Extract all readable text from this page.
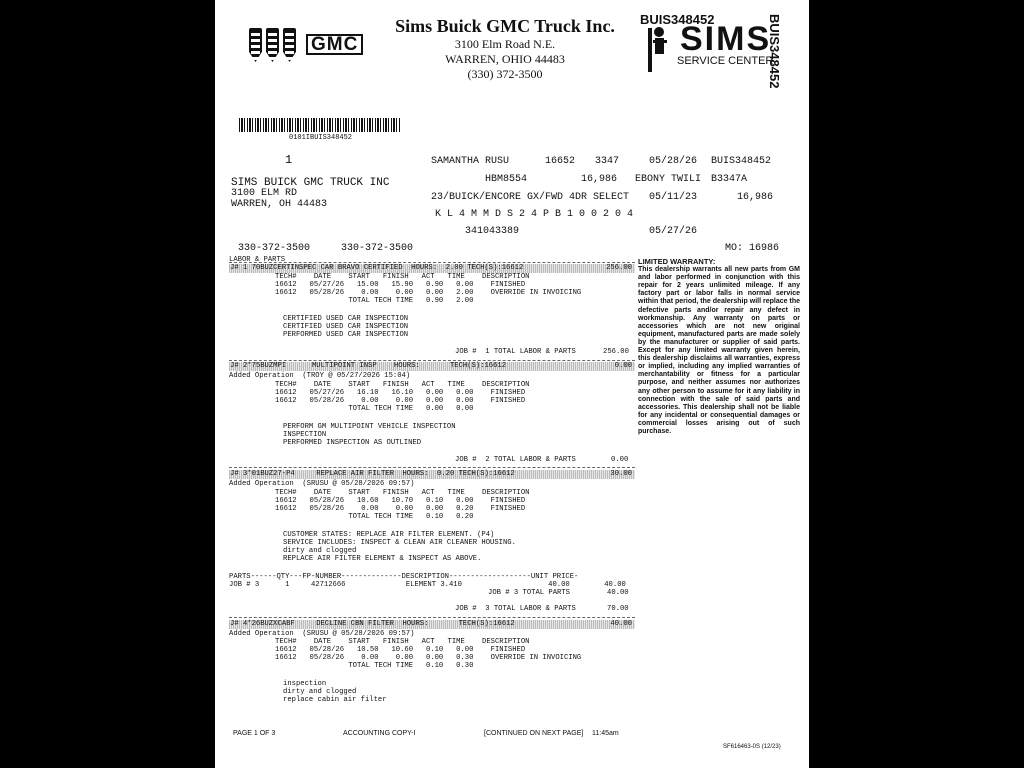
GMC
Sims Buick GMC Truck Inc.
3100 Elm Road N.E.
WARREN, OHIO 44483
(330) 372-3500
BUIS348452	BUIS348452
SIMS
SERVICE CENTER
0101IBUIS348452
1	SAMANTHA RUSU	16652 3347	05/28/26 BUIS348452
SIMS BUICK GMC TRUCK INC
3100 ELM RD
WARREN, OH 44483
HBM8554	16,986 EBONY TWILI B3347A
23/BUICK/ENCORE GX/FWD 4DR SELECT 05/11/23	16,986
K L 4 M M D S 2 4 P B 1 0 0 2 0 4
341043389	05/27/26
330-372-3500	330-372-3500	MO: 16986
LABOR & PARTS
J# 1 70BUZCERTINSPEC CAR BRAVO CERTIFIED  HOURS:  2.00 TECH(S):16612	256.00
TECH#    DATE    START   FINISH   ACT   TIME    DESCRIPTION
16612   05/27/26   15.00   15.90   0.90   0.00    FINISHED
16612   05/28/26    0.00    0.00   0.00   2.00    OVERRIDE IN INVOICING
TOTAL TECH TIME   0.90   2.00
CERTIFIED USED CAR INSPECTION
CERTIFIED USED CAR INSPECTION
PERFORMED USED CAR INSPECTION
JOB #  1 TOTAL LABOR & PARTS	256.00
J# 2*75BUZMPI      MULTIPOINT INSP    HOURS:       TECH(S):16612	0.00
Added Operation  (TROY @ 05/27/2026 15:04)
TECH#    DATE    START   FINISH   ACT   TIME    DESCRIPTION
16612   05/27/26   16.10   16.10   0.00   0.00    FINISHED
16612   05/28/26    0.00    0.00   0.00   0.00    FINISHED
TOTAL TECH TIME   0.00   0.00
PERFORM GM MULTIPOINT VEHICLE INSPECTION
INSPECTION
PERFORMED INSPECTION AS OUTLINED
JOB #  2 TOTAL LABOR & PARTS	0.00
J# 3*01BUZ27-P4     REPLACE AIR FILTER  HOURS:  0.20 TECH(S):16612	30.00
Added Operation  (SRUSU @ 05/28/2026 09:57)
TECH#    DATE    START   FINISH   ACT   TIME    DESCRIPTION
16612   05/28/26   10.60   10.70   0.10   0.00    FINISHED
16612   05/28/26    0.00    0.00   0.00   0.20    FINISHED
TOTAL TECH TIME   0.10   0.20
CUSTOMER STATES: REPLACE AIR FILTER ELEMENT. (P4)
SERVICE INCLUDES: INSPECT & CLEAN AIR CLEANER HOUSING.
dirty and clogged
REPLACE AIR FILTER ELEMENT & INSPECT AS ABOVE.
PARTS------QTY---FP-NUMBER--------------DESCRIPTION-------------------UNIT PRICE-
JOB # 3      1     42712666              ELEMENT 3.410                    40.00        40.00
JOB # 3 TOTAL PARTS	40.00
JOB #  3 TOTAL LABOR & PARTS	70.00
J# 4*26BUZXCABF     DECLINE CBN FILTER  HOURS:       TECH(S):16612	40.00
Added Operation  (SRUSU @ 05/28/2026 09:57)
TECH#    DATE    START   FINISH   ACT   TIME    DESCRIPTION
16612   05/28/26   10.50   10.60   0.10   0.00    FINISHED
16612   05/28/26    0.00    0.00   0.00   0.30    OVERRIDE IN INVOICING
TOTAL TECH TIME   0.10   0.30
inspection
dirty and clogged
replace cabin air filter
LIMITED WARRANTY:
This dealership warrants all new parts from GM and labor performed in conjunction with this repair for 2 years unlimited mileage. If any factory part or labor falls in normal service within that period, the dealership will replace the defective parts and/or repair any defect in workmanship. Any warranty on parts or accessories which are not new original equipment, manufactured parts are made solely by the manufacturer or supplier of said parts. Except for any limited warranty given herein, this dealership disclaims all warranties, express or implied, including any implied warranties of merchantability or fitness for a particular purpose, and neither assumes nor authorizes any other person to assume for it any liability in connection with the sale of said parts and accessories. This dealership shall not be liable for any incidental or consequential damages or commercial losses arising out of such purchase.
PAGE 1 OF 3	ACCOUNTING COPY-I	[CONTINUED ON NEXT PAGE] 11:45am
SF616463-0S (12/23)
